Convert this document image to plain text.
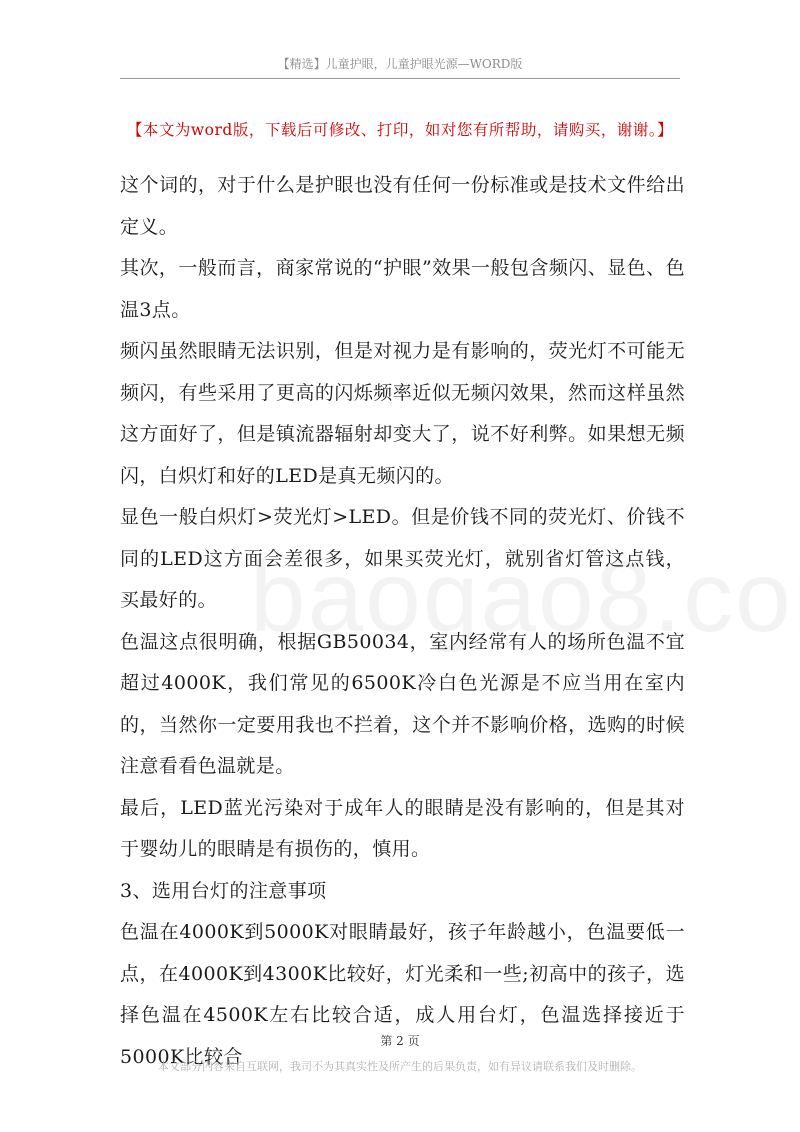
【精选】儿童护眼，儿童护眼光源—WORD版
【本文为word版，下载后可修改、打印，如对您有所帮助，请购买，谢谢。】

这个词的，对于什么是护眼也没有任何一份标准或是技术文件给出定义。

其次，一般而言，商家常说的“护眼”效果一般包含频闪、显色、色温3点。

频闪虽然眼睛无法识别，但是对视力是有影响的，荧光灯不可能无频闪，有些采用了更高的闪烁频率近似无频闪效果，然而这样虽然这方面好了，但是镇流器辐射却变大了，说不好利弊。如果想无频闪，白炽灯和好的LED是真无频闪的。

显色一般白炽灯>荧光灯>LED。但是价钱不同的荧光灯、价钱不同的LED这方面会差很多，如果买荧光灯，就别省灯管这点钱，买最好的。

色温这点很明确，根据GB50034，室内经常有人的场所色温不宜超过4000K，我们常见的6500K冷白色光源是不应当用在室内的，当然你一定要用我也不拦着，这个并不影响价格，选购的时候注意看看色温就是。

最后，LED蓝光污染对于成年人的眼睛是没有影响的，但是其对于婴幼儿的眼睛是有损伤的，慎用。

3、选用台灯的注意事项

色温在4000K到5000K对眼睛最好，孩子年龄越小，色温要低一点，在4000K到4300K比较好，灯光柔和一些;初高中的孩子，选择色温在4500K左右比较合适，成人用台灯，色温选择接近于5000K比较合

第 2 页
本文部分内容来自互联网，我司不为其真实性及所产生的后果负责，如有异议请联系我们及时删除。
